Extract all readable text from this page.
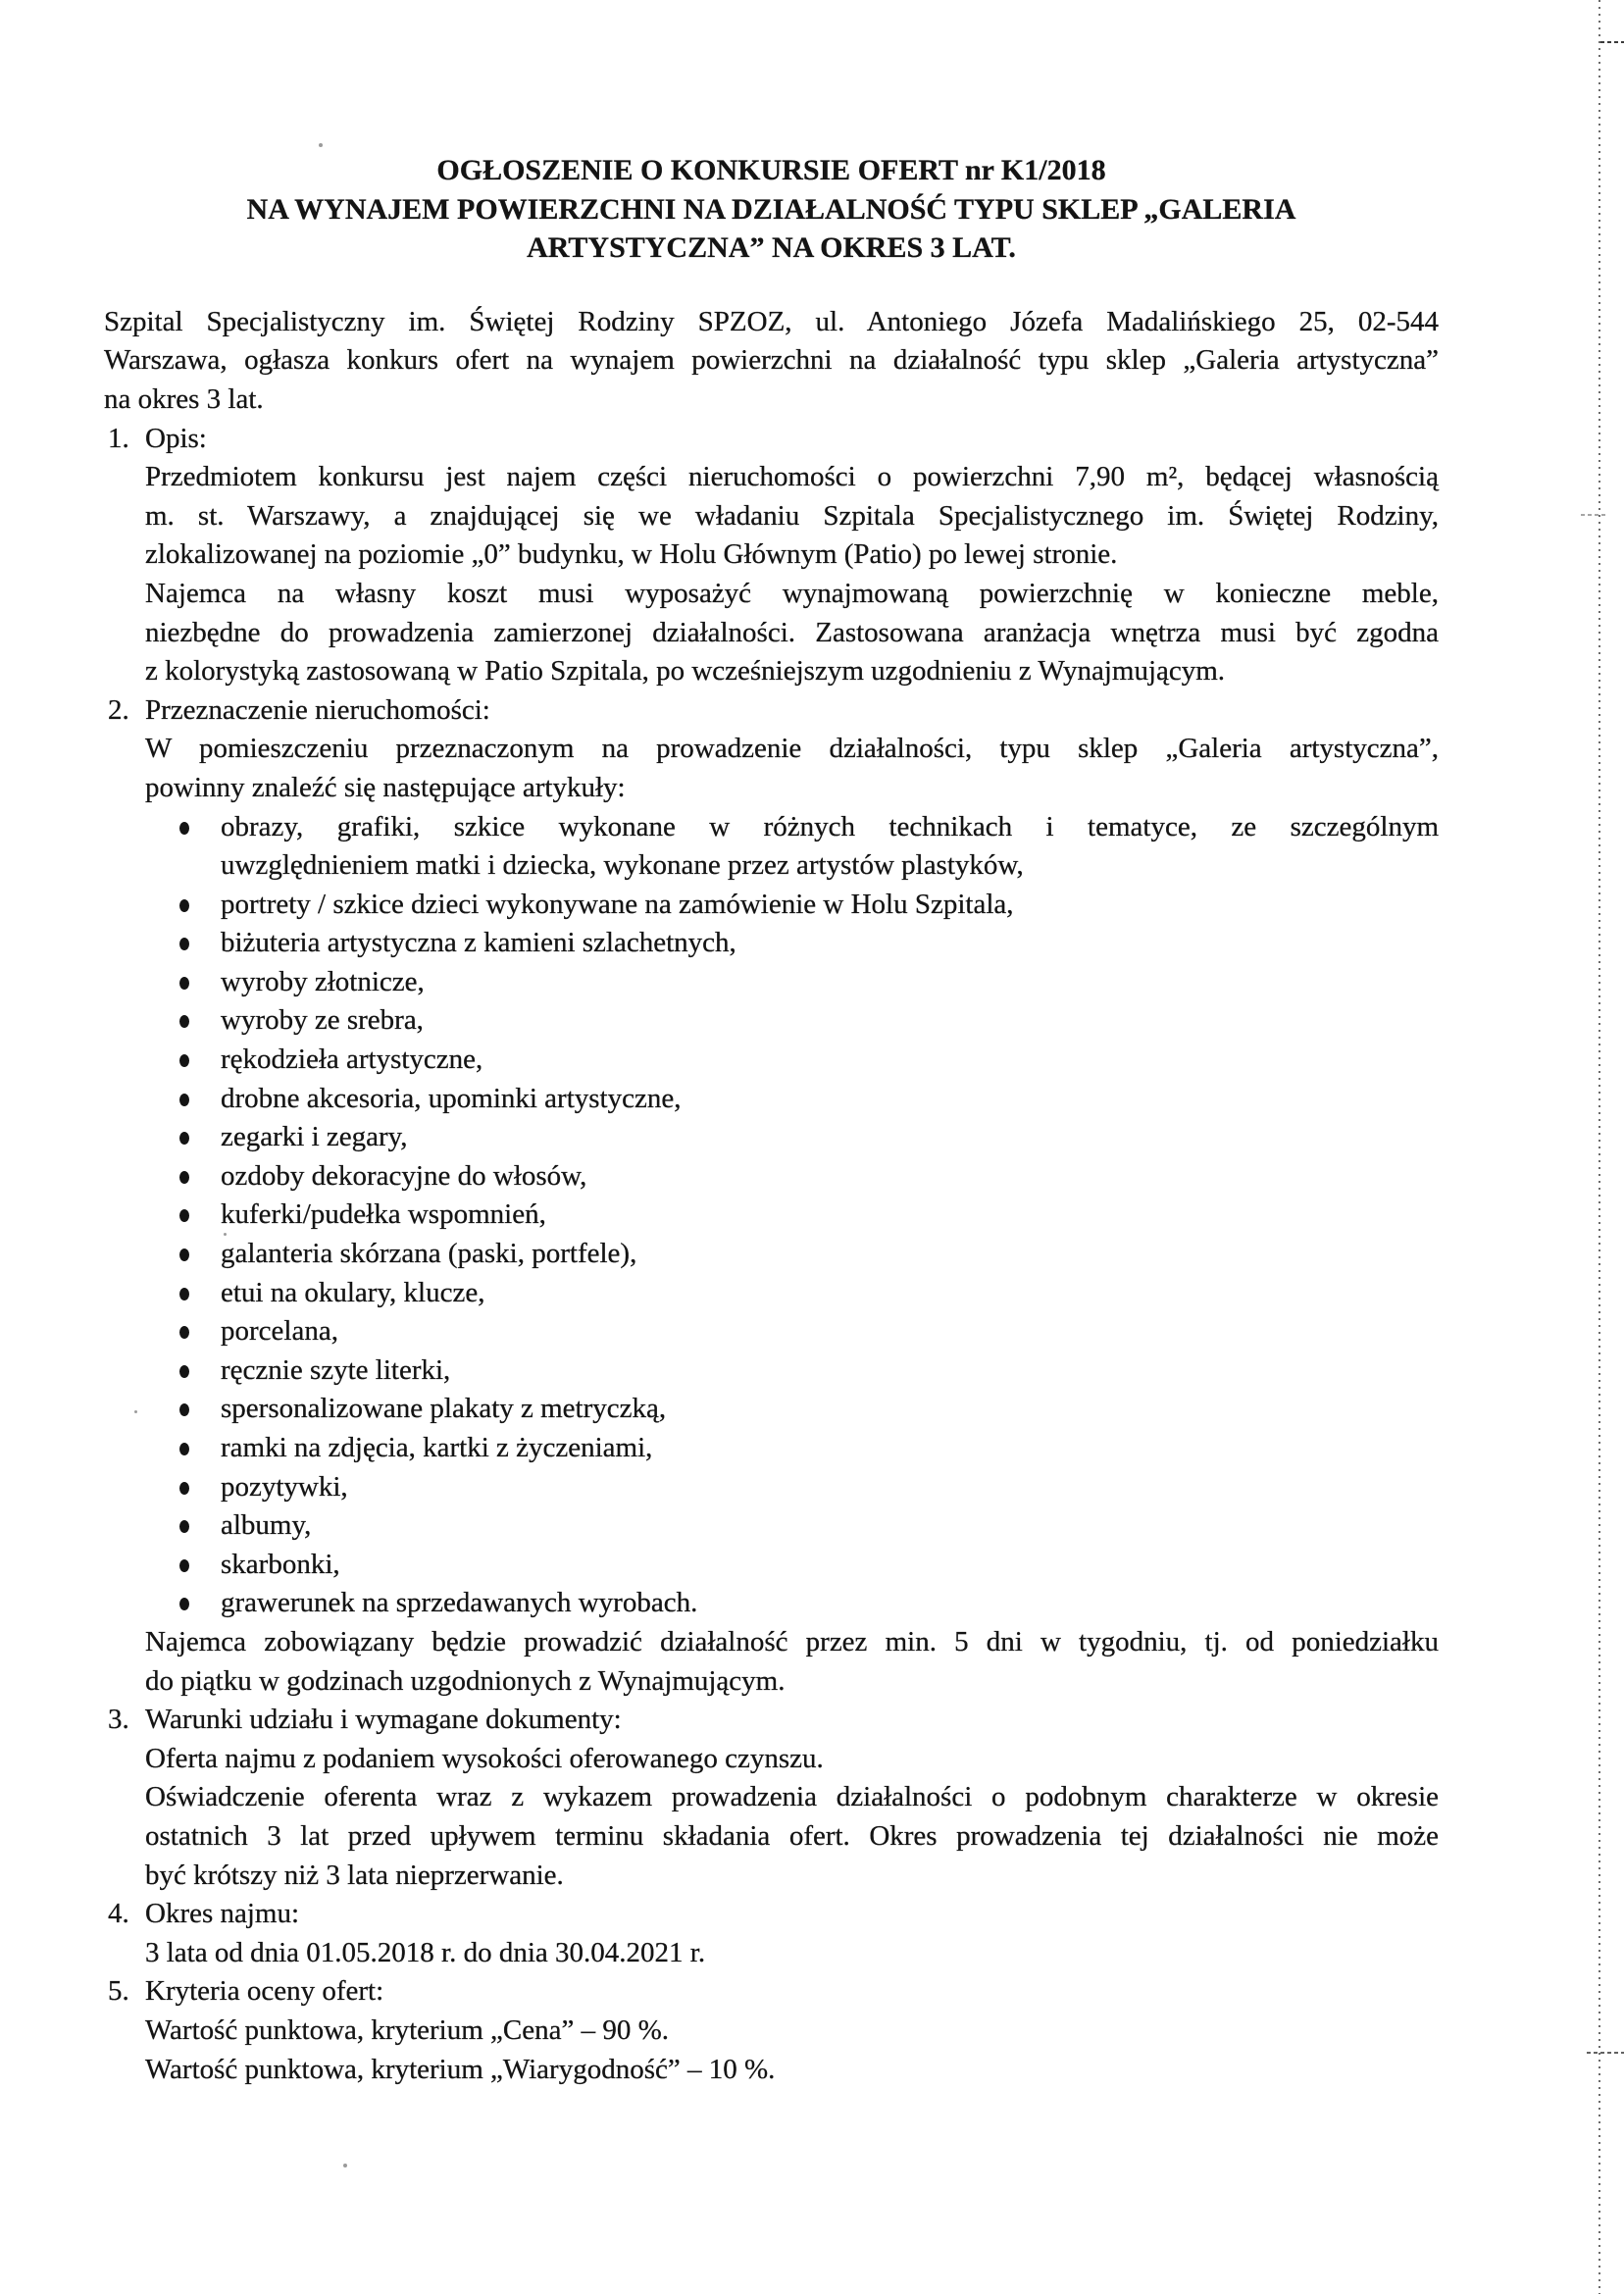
OGŁOSZENIE O KONKURSIE OFERT nr K1/2018
NA WYNAJEM POWIERZCHNI NA DZIAŁALNOŚĆ TYPU SKLEP „GALERIA
ARTYSTYCZNA” NA OKRES 3 LAT.
Szpital Specjalistyczny im. Świętej Rodziny SPZOZ, ul. Antoniego Józefa Madalińskiego 25, 02-544
Warszawa, ogłasza konkurs ofert na wynajem powierzchni na działalność typu sklep „Galeria artystyczna”
na okres 3 lat.
1. Opis:
Przedmiotem konkursu jest najem części nieruchomości o powierzchni 7,90 m², będącej własnością
m. st. Warszawy, a znajdującej się we władaniu Szpitala Specjalistycznego im. Świętej Rodziny,
zlokalizowanej na poziomie „0” budynku, w Holu Głównym (Patio) po lewej stronie.
Najemca na własny koszt musi wyposażyć wynajmowaną powierzchnię w konieczne meble,
niezbędne do prowadzenia zamierzonej działalności. Zastosowana aranżacja wnętrza musi być zgodna
z kolorystyką zastosowaną w Patio Szpitala, po wcześniejszym uzgodnieniu z Wynajmującym.
2. Przeznaczenie nieruchomości:
W pomieszczeniu przeznaczonym na prowadzenie działalności, typu sklep „Galeria artystyczna”,
powinny znaleźć się następujące artykuły:
obrazy, grafiki, szkice wykonane w różnych technikach i tematyce, ze szczególnym
uwzględnieniem matki i dziecka, wykonane przez artystów plastyków,
portrety / szkice dzieci wykonywane na zamówienie w Holu Szpitala,
biżuteria artystyczna z kamieni szlachetnych,
wyroby złotnicze,
wyroby ze srebra,
rękodzieła artystyczne,
drobne akcesoria, upominki artystyczne,
zegarki i zegary,
ozdoby dekoracyjne do włosów,
kuferki/pudełka wspomnień,
galanteria skórzana (paski, portfele),
etui na okulary, klucze,
porcelana,
ręcznie szyte literki,
spersonalizowane plakaty z metryczką,
ramki na zdjęcia, kartki z życzeniami,
pozytywki,
albumy,
skarbonki,
grawerunek na sprzedawanych wyrobach.
Najemca zobowiązany będzie prowadzić działalność przez min. 5 dni w tygodniu, tj. od poniedziałku
do piątku w godzinach uzgodnionych z Wynajmującym.
3. Warunki udziału i wymagane dokumenty:
Oferta najmu z podaniem wysokości oferowanego czynszu.
Oświadczenie oferenta wraz z wykazem prowadzenia działalności o podobnym charakterze w okresie
ostatnich 3 lat przed upływem terminu składania ofert. Okres prowadzenia tej działalności nie może
być krótszy niż 3 lata nieprzerwanie.
4. Okres najmu:
3 lata od dnia 01.05.2018 r. do dnia 30.04.2021 r.
5. Kryteria oceny ofert:
Wartość punktowa, kryterium „Cena” – 90 %.
Wartość punktowa, kryterium „Wiarygodność” – 10 %.
